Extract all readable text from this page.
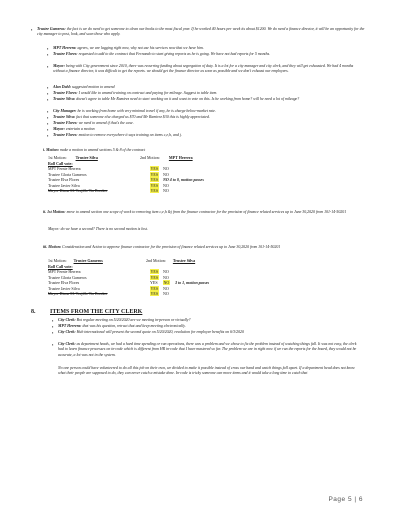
▪ Trustee Gameros: the fact is we do need to get someone to clean our books to the most fiscal year. If he worked 40 hours per week its about $1200. We do need a finance director, it will be an opportunity for the city manager to post, look, and scan those who apply.
▪ MPT Herrera: agrees, we are lagging right now, why not use his services now that we have him.
▪ Trustee Flores: requested to add to the contract that Fernando to start giving reports as he is going. We have not had reports for 5 months.
▪ Mayor: being with City government since 2010, there was recurring funding about segregation of duty. It is a lot for a city manager and city clerk, and they will get exhausted. We had 4 months without a finance director, it was difficult to get the reports. we should get the finance director as soon as possible and we don't exhaust our employees.
▪ Alan Dahl: suggested motion to amend
▪ Trustee Flores: I would like to amend training on contract and paying for mileage. Suggest to table item.
▪ Trustee Silva: doesn't agree to table Mr Ramirez need to start working on it and want to vote on this. Is he working from home? will he need a lot of mileage?
▪ City Manager: he is working from home with very minimal travel if any, he is charge below-market rate.
▪ Trustee Silva: fact that someone else charged us $70 and Mr Ramirez $30 this is highly appreciated.
▪ Trustee Flores: we need to amend if that's the case.
▪ Mayor: entertain a motion
▪ Trustee Flores: motion to remove everywhere it says training on items c,e,h, and j.
i. Motion: make a motion to amend sections 5 & 8 of the contract
1st Motion: Trustee Silva	2nd Motion: MPT Herrera
Roll Call vote:
MPT Fernie Herrera	YES NO
Trustee Gloria Gameros	YES NO
Trustee Elva Flores	YES NO 4 to 0, motion passes
Trustee Javier Silva	YES NO
Mayor Diana M. Trujillo Tia Breaker	YES NO
ii. 1st Motion: move to amend section one scope of work to removing item c,e,h &j from the finance contractor for the provision of finance related services up to June 30,2020 from 101-14-50201
Mayor: do we have a second? There is no second motion is lost.
iii. Motion: Consideration and Action to approve finance contractor for the provision of finance related services up to June 30,2020 from 101-14-50201
1st Motion: Trustee Gameros	2nd Motion: Trustee Silva
Roll Call vote:
MPT Fernie Herrera	YES NO
Trustee Gloria Gameros	YES NO
Trustee Elva Flores	YES NO 3 to 1, motion passes
Trustee Javier Silva	YES NO
Mayor Diana M. Trujillo Tia Breaker	YES NO
8. ITEMS FROM THE CITY CLERK
▪ City Clerk: Bot regular meeting on 5/20/2020 are we meeting in-person or virtually?
▪ MPT Herrera: that was his question, retract that and keep meeting electronically.
▪ City Clerk: Hub international will present the second quote on 5/20/2020, resolution for employee benefits on 6/3/2020
▪ City Clerk: as department heads, we had a hard time spending or run operations, there was a problem and we chose to fix the problem instead of watching things fall. It was not easy, the clerk had to learn finance processes on in-code which is different from HR in-code that I have mastered so far. The problem we are in right now if we run the reports for the board, they would not be accurate, a lot was not in the system.
No one person could have volunteered to do all this job on their own, we divided to make it possible instead of cross our hand and watch things fall apart. If a department head does not know what their people are supposed to do, they can never catch a mistake done. In-code is tricky someone can move items and it would take a long time to catch that
Page 5 | 6
